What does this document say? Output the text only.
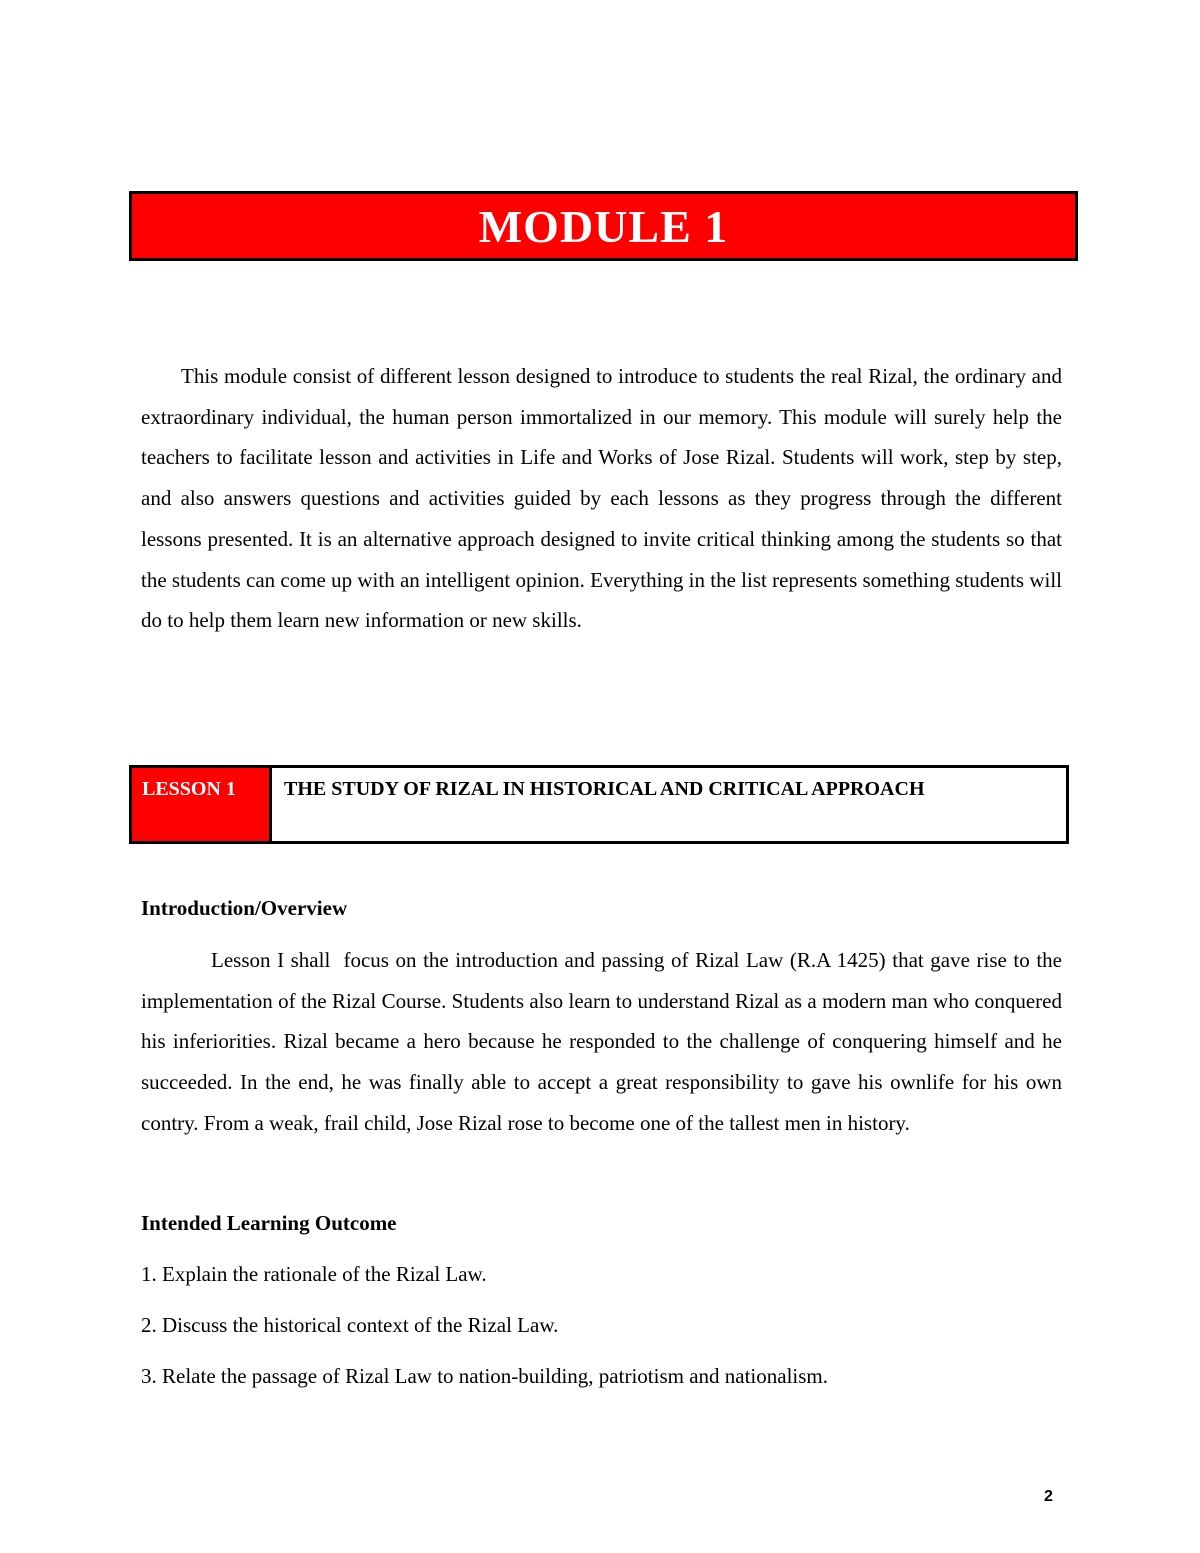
MODULE 1

This module consist of different lesson designed to introduce to students the real Rizal, the ordinary and extraordinary individual, the human person immortalized in our memory. This module will surely help the teachers to facilitate lesson and activities in Life and Works of Jose Rizal. Students will work, step by step, and also answers questions and activities guided by each lessons as they progress through the different lessons presented. It is an alternative approach designed to invite critical thinking among the students so that the students can come up with an intelligent opinion. Everything in the list represents something students will do to help them learn new information or new skills.

LESSON 1	THE STUDY OF RIZAL IN HISTORICAL AND CRITICAL APPROACH

Introduction/Overview

Lesson I shall  focus on the introduction and passing of Rizal Law (R.A 1425) that gave rise to the implementation of the Rizal Course. Students also learn to understand Rizal as a modern man who conquered his inferiorities. Rizal became a hero because he responded to the challenge of conquering himself and he succeeded. In the end, he was finally able to accept a great responsibility to gave his ownlife for his own contry. From a weak, frail child, Jose Rizal rose to become one of the tallest men in history.

Intended Learning Outcome

1. Explain the rationale of the Rizal Law.

2. Discuss the historical context of the Rizal Law.

3. Relate the passage of Rizal Law to nation-building, patriotism and nationalism.

2
